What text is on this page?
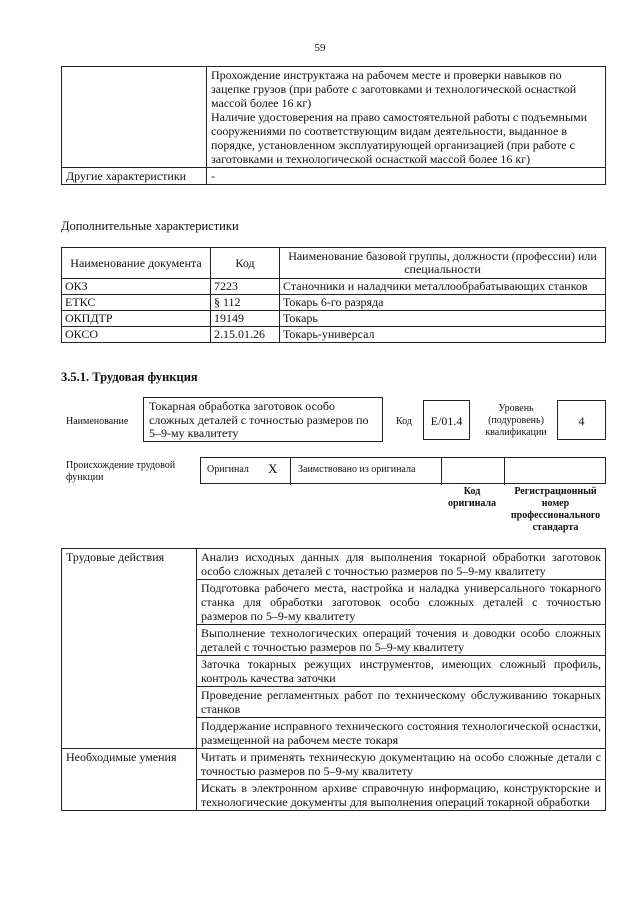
59

	Прохождение инструктажа на рабочем месте и проверки навыков по зацепке грузов (при работе с заготовками и технологической оснасткой массой более 16 кг)

Наличие удостоверения на право самостоятельной работы с подъемными сооружениями по соответствующим видам деятельности, выданное в порядке, установленном эксплуатирующей организацией (при работе с заготовками и технологической оснасткой массой более 16 кг)

Другие характеристики	-
Дополнительные характеристики
Наименование документа	Код	Наименование базовой группы, должности (профессии) или специальности
ОКЗ	7223	Станочники и наладчики металлообрабатывающих станков
ЕТКС	§ 112	Токарь 6-го разряда
ОКПДТР	19149	Токарь
ОКСО	2.15.01.26	Токарь-универсал
3.5.1. Трудовая функция
Наименование
Токарная обработка заготовок особо сложных деталей с точностью размеров по 5–9-му квалитету
Код	E/01.4
Уровень (подуровень) квалификации
4
Происхождение трудовой функции
Оригинал X Заимствовано из оригинала
Код оригинала
Регистрационный номер профессионального стандарта
Трудовые действия	Анализ исходных данных для выполнения токарной обработки заготовок особо сложных деталей с точностью размеров по 5–9-му квалитету
	Подготовка рабочего места, настройка и наладка универсального токарного станка для обработки заготовок особо сложных деталей с точностью размеров по 5–9-му квалитету
	Выполнение технологических операций точения и доводки особо сложных деталей с точностью размеров по 5–9-му квалитету
	Заточка токарных режущих инструментов, имеющих сложный профиль, контроль качества заточки
	Проведение регламентных работ по техническому обслуживанию токарных станков
	Поддержание исправного технического состояния технологической оснастки, размещенной на рабочем месте токаря
Необходимые умения	Читать и применять техническую документацию на особо сложные детали с точностью размеров по 5–9-му квалитету
	Искать в электронном архиве справочную информацию, конструкторские и технологические документы для выполнения операций токарной обработки
